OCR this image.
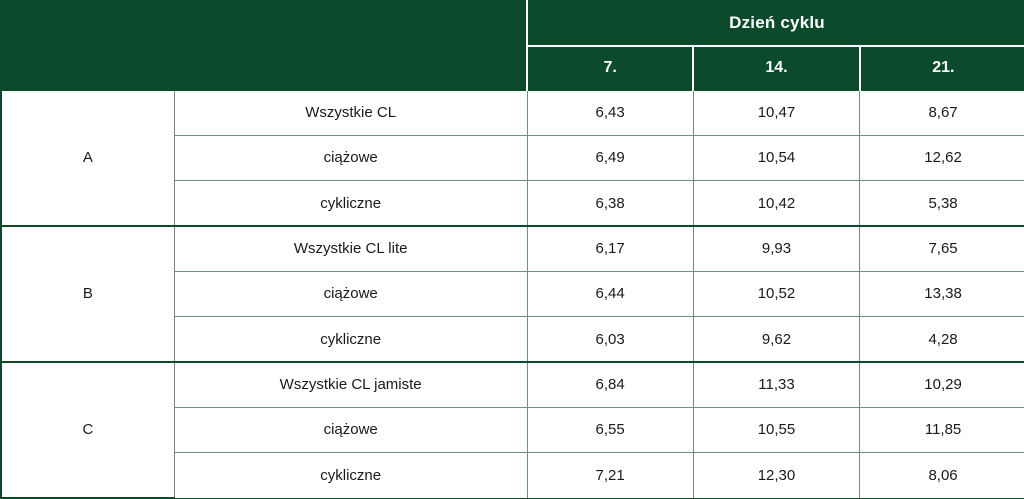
		Dzień cyklu		
		7.	14.	21.
A	Wszystkie CL	6,43	10,47	8,67
	ciążowe	6,49	10,54	12,62
	cykliczne	6,38	10,42	5,38
B	Wszystkie CL lite	6,17	9,93	7,65
	ciążowe	6,44	10,52	13,38
	cykliczne	6,03	9,62	4,28
C	Wszystkie CL jamiste	6,84	11,33	10,29
	ciążowe	6,55	10,55	11,85
	cykliczne	7,21	12,30	8,06
